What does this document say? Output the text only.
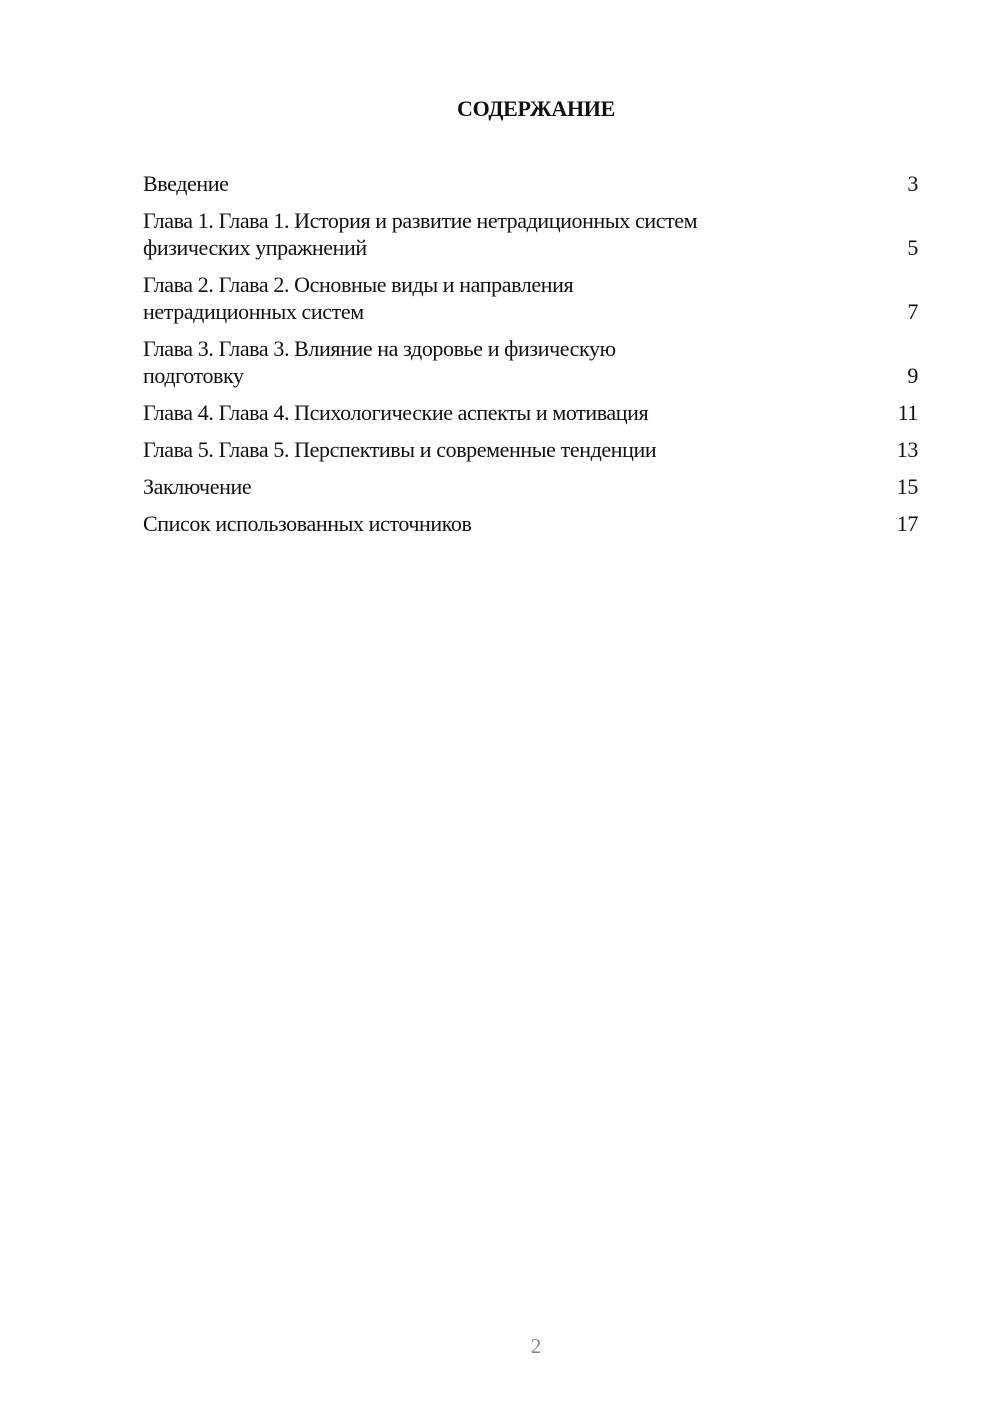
СОДЕРЖАНИЕ
Введение	3
Глава 1. Глава 1. История и развитие нетрадиционных систем
физических упражнений	5
Глава 2. Глава 2. Основные виды и направления
нетрадиционных систем	7
Глава 3. Глава 3. Влияние на здоровье и физическую
подготовку	9
Глава 4. Глава 4. Психологические аспекты и мотивация	11
Глава 5. Глава 5. Перспективы и современные тенденции	13
Заключение	15
Список использованных источников	17
2
